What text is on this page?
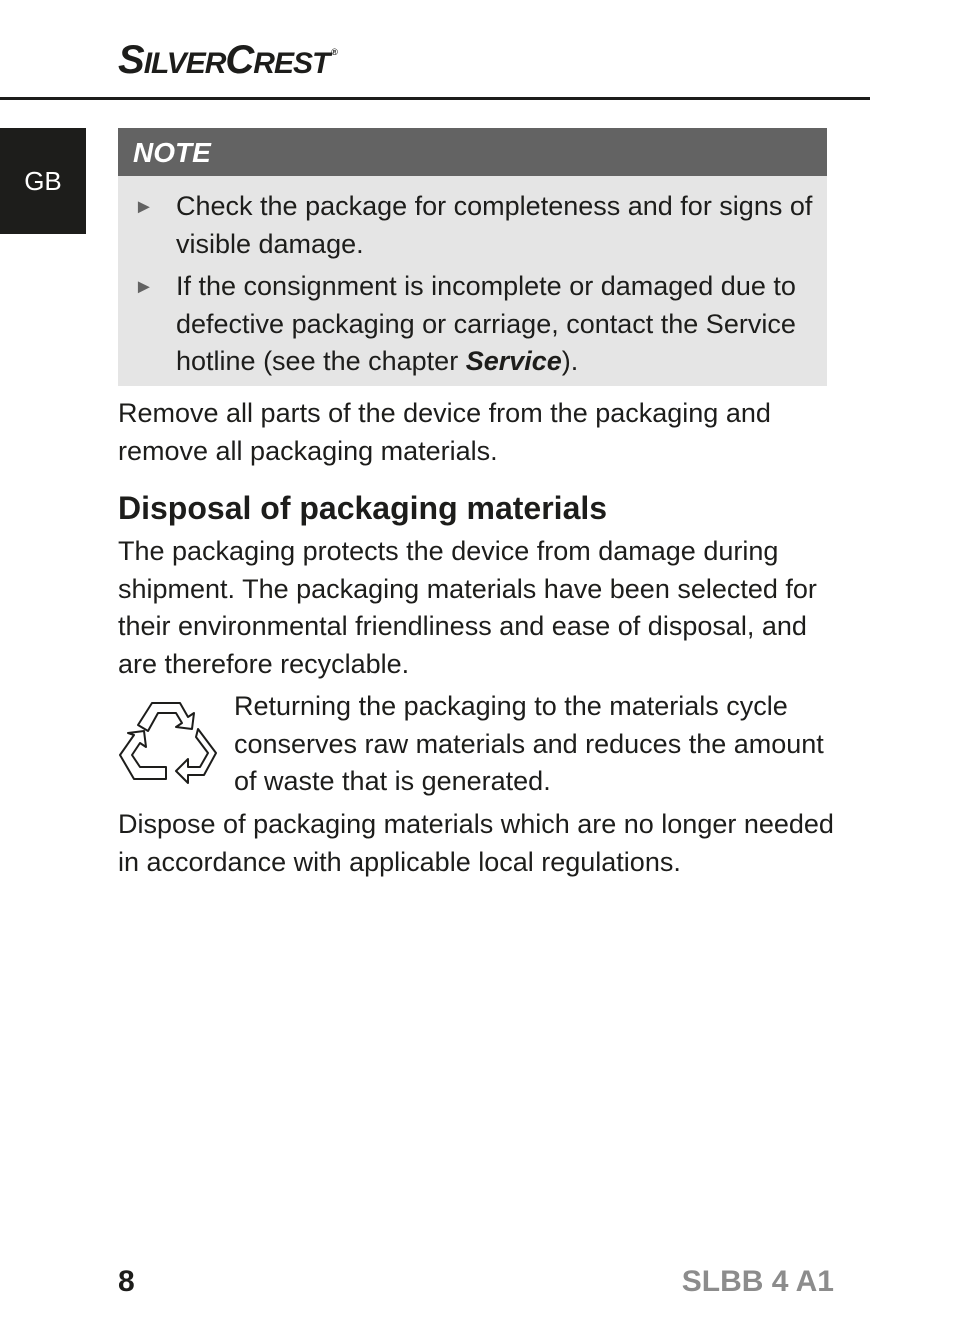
SILVERCREST ®
GB
NOTE
► Check the package for completeness and for signs of visible damage.
► If the consignment is incomplete or damaged due to defective packaging or carriage, contact the Service hotline (see the chapter Service).

Remove all parts of the device from the packaging and remove all packaging materials.

Disposal of packaging materials

The packaging protects the device from damage during shipment. The packaging materials have been selected for their environmental friendliness and ease of disposal, and are therefore recyclable.

Returning the packaging to the materials cycle conserves raw materials and reduces the amount of waste that is generated.

Dispose of packaging materials which are no longer needed in accordance with applicable local regulations.

8	SLBB 4 A1
